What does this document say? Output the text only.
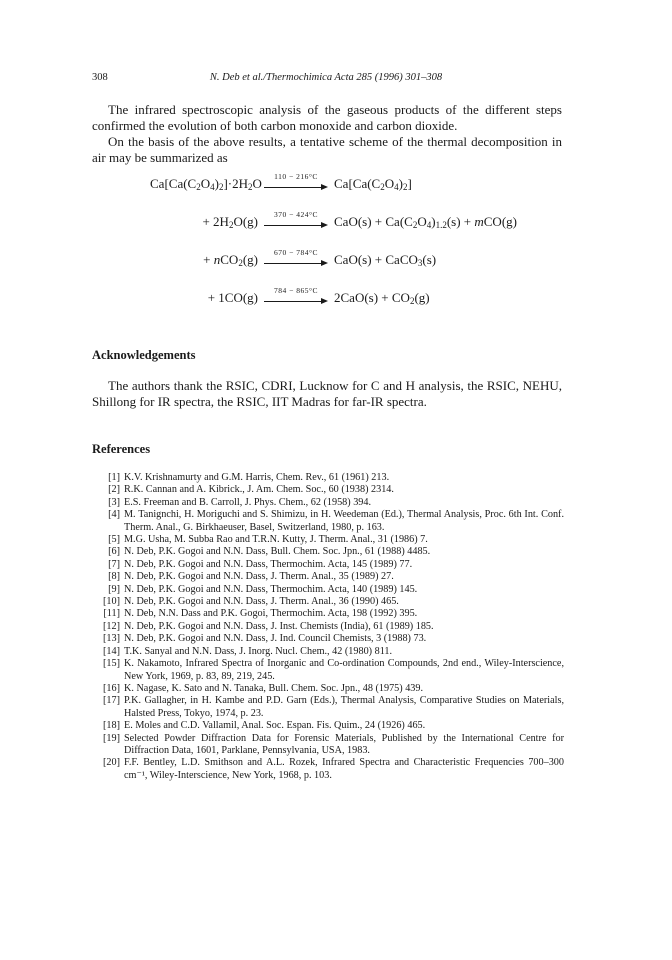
308	N. Deb et al./Thermochimica Acta 285 (1996) 301–308
The infrared spectroscopic analysis of the gaseous products of the different steps confirmed the evolution of both carbon monoxide and carbon dioxide.
On the basis of the above results, a tentative scheme of the thermal decomposition in air may be summarized as
$Ca[Ca(C_2O_4)_2]\cdot 2H_2O$	110 − 216°C	$Ca[Ca(C_2O_4)_2]$
+ $2H_2O(g)$	370 − 424°C	$CaO(s) + Ca(C_2O_4)_{1.2}(s) + mCO(g)$
+ nCO$_2$(g)	670 − 784°C	CaO(s) + CaCO$_3$(s)
+ 1CO(g)	784 − 865°C	$2CaO(s) + CO_2(g)$
Acknowledgements
The authors thank the RSIC, CDRI, Lucknow for C and H analysis, the RSIC, NEHU, Shillong for IR spectra, the RSIC, IIT Madras for far-IR spectra.
References
[1] K.V. Krishnamurty and G.M. Harris, Chem. Rev., 61 (1961) 213.
[2] R.K. Cannan and A. Kibrick., J. Am. Chem. Soc., 60 (1938) 2314.
[3] E.S. Freeman and B. Carroll, J. Phys. Chem., 62 (1958) 394.
[4] M. Tanignchi, H. Moriguchi and S. Shimizu, in H. Weedeman (Ed.), Thermal Analysis, Proc. 6th Int. Conf. Therm. Anal., G. Birkhaeuser, Basel, Switzerland, 1980, p. 163.
[5] M.G. Usha, M. Subba Rao and T.R.N. Kutty, J. Therm. Anal., 31 (1986) 7.
[6] N. Deb, P.K. Gogoi and N.N. Dass, Bull. Chem. Soc. Jpn., 61 (1988) 4485.
[7] N. Deb, P.K. Gogoi and N.N. Dass, Thermochim. Acta, 145 (1989) 77.
[8] N. Deb, P.K. Gogoi and N.N. Dass, J. Therm. Anal., 35 (1989) 27.
[9] N. Deb, P.K. Gogoi and N.N. Dass, Thermochim. Acta, 140 (1989) 145.
[10] N. Deb, P.K. Gogoi and N.N. Dass, J. Therm. Anal., 36 (1990) 465.
[11] N. Deb, N.N. Dass and P.K. Gogoi, Thermochim. Acta, 198 (1992) 395.
[12] N. Deb, P.K. Gogoi and N.N. Dass, J. Inst. Chemists (India), 61 (1989) 185.
[13] N. Deb, P.K. Gogoi and N.N. Dass, J. Ind. Council Chemists, 3 (1988) 73.
[14] T.K. Sanyal and N.N. Dass, J. Inorg. Nucl. Chem., 42 (1980) 811.
[15] K. Nakamoto, Infrared Spectra of Inorganic and Co-ordination Compounds, 2nd end., Wiley-Interscience, New York, 1969, p. 83, 89, 219, 245.
[16] K. Nagase, K. Sato and N. Tanaka, Bull. Chem. Soc. Jpn., 48 (1975) 439.
[17] P.K. Gallagher, in H. Kambe and P.D. Garn (Eds.), Thermal Analysis, Comparative Studies on Materials, Halsted Press, Tokyo, 1974, p. 23.
[18] E. Moles and C.D. Vallamil, Anal. Soc. Espan. Fis. Quim., 24 (1926) 465.
[19] Selected Powder Diffraction Data for Forensic Materials, Published by the International Centre for Diffraction Data, 1601, Parklane, Pennsylvania, USA, 1983.
[20] F.F. Bentley, L.D. Smithson and A.L. Rozek, Infrared Spectra and Characteristic Frequencies 700–300 cm⁻¹, Wiley-Interscience, New York, 1968, p. 103.
